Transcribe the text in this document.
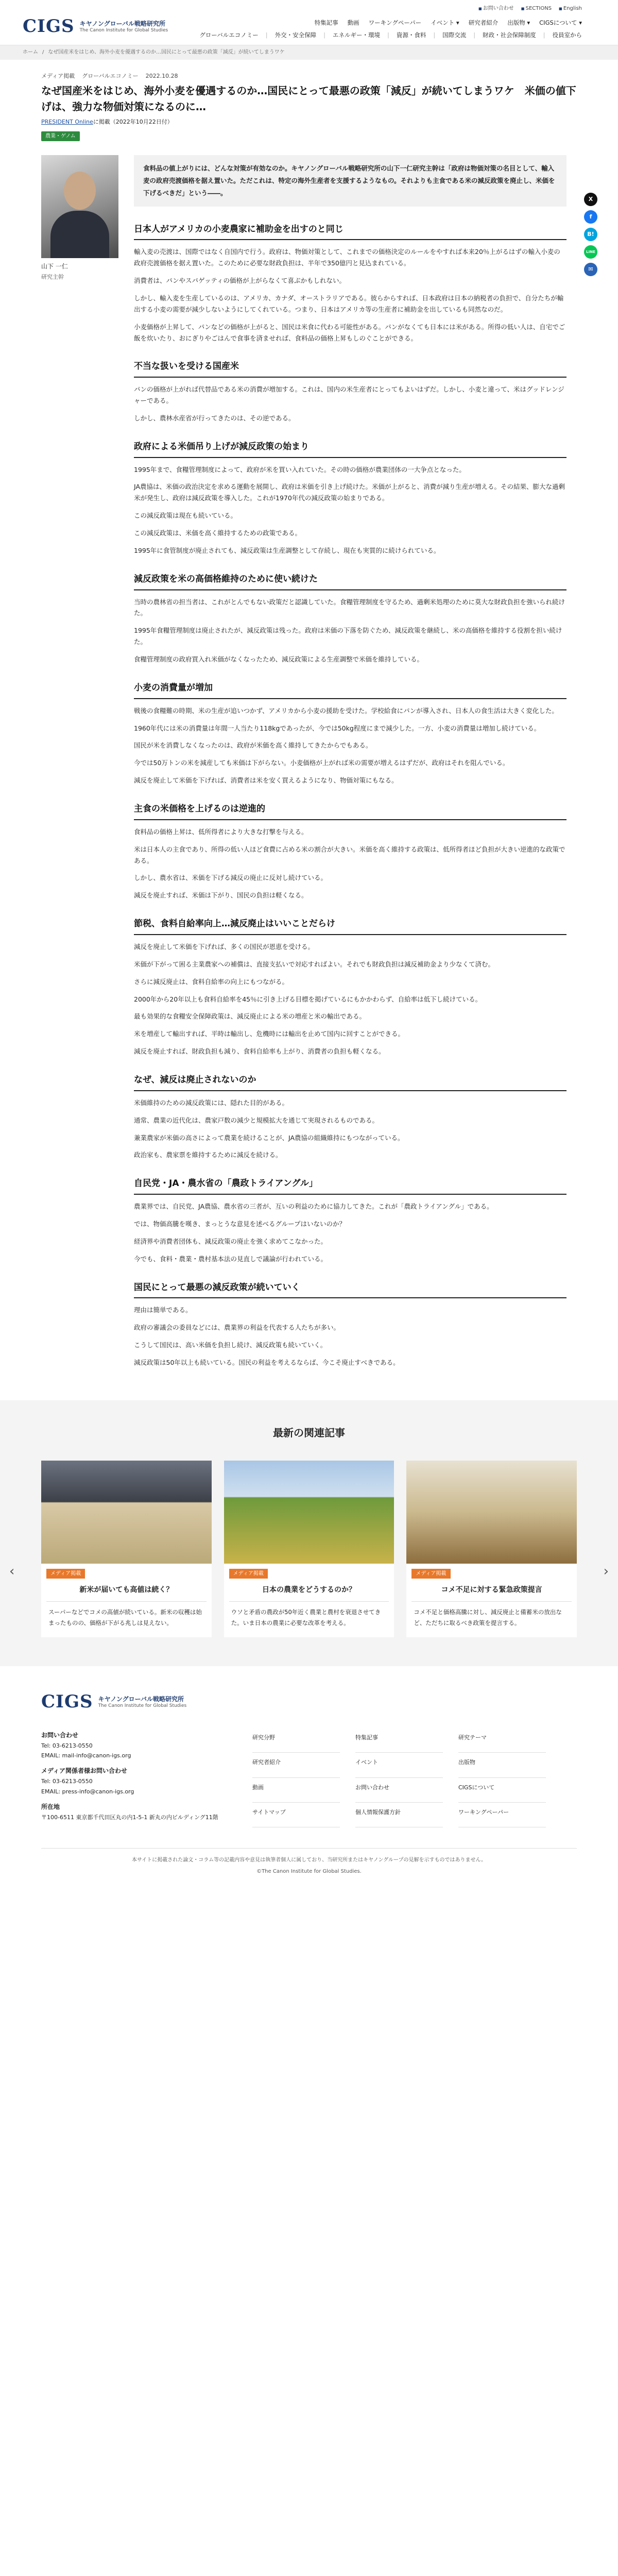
CIGS キヤノングローバル戦略研究所
The Canon Institute for Global Studies
■ お問い合わせ	■ SECTIONS	■ English
特集記事 動画 ワーキングペーパー イベント ▾ 研究者紹介 出版物 ▾ CIGSについて ▾
グローバルエコノミー | 外交・安全保障 | エネルギー・環境 | 資源・食料 | 国際交流 | 財政・社会保障制度 | 役員室から
ホーム / なぜ国産米をはじめ、海外小麦を優遇するのか…国民にとって最悪の政策「減反」が続いてしまうワケ
メディア掲載 グローバルエコノミー 2022.10.28
なぜ国産米をはじめ、海外小麦を優遇するのか…国民にとって最悪の政策「減反」が続いてしまうワケ　米価の値下げは、強力な物価対策になるのに…
PRESIDENT Onlineに掲載（2022年10月22日付）
農業・ゲノム
X
f
B!
LINE
✉
山下 一仁
研究主幹
食料品の値上がりには、どんな対策が有効なのか。キヤノングローバル戦略研究所の山下一仁研究主幹は「政府は物価対策の名目として、輸入麦の政府売渡価格を据え置いた。ただこれは、特定の海外生産者を支援するようなもの。それよりも主食である米の減反政策を廃止し、米価を下げるべきだ」という――。
日本人がアメリカの小麦農家に補助金を出すのと同じ

輸入麦の売渡は、国際ではなく自国内で行う。政府は、物価対策として、これまでの価格決定のルールをやすれば本来20％上がるはずの輸入小麦の政府売渡価格を据え置いた。このために必要な財政負担は、半年で350億円と見込まれている。

消費者は、パンやスパゲッティの価格が上がらなくて喜ぶかもしれない。

しかし、輸入麦を生産しているのは、アメリカ、カナダ、オーストラリアである。彼らからすれば、日本政府は日本の納税者の負担で、自分たちが輸出する小麦の需要が減少しないようにしてくれている。つまり、日本はアメリカ等の生産者に補助金を出しているも同然なのだ。

小麦価格が上昇して、パンなどの価格が上がると、国民は米食に代わる可能性がある。パンがなくても日本には米がある。所得の低い人は、自宅でご飯を炊いたり、おにぎりやごはんで食事を済ませれば、食料品の価格上昇もしのぐことができる。

不当な扱いを受ける国産米

パンの価格が上がれば代替品である米の消費が増加する。これは、国内の米生産者にとってもよいはずだ。しかし、小麦と違って、米はグッドレンジャーである。

しかし、農林水産省が行ってきたのは、その逆である。

政府による米価吊り上げが減反政策の始まり

1995年まで、食糧管理制度によって、政府が米を買い入れていた。その時の価格が農業団体の一大争点となった。

JA農協は、米価の政治決定を求める運動を展開し、政府は米価を引き上げ続けた。米価が上がると、消費が減り生産が増える。その結果、膨大な過剰米が発生し、政府は減反政策を導入した。これが1970年代の減反政策の始まりである。

この減反政策は現在も続いている。

この減反政策は、米価を高く維持するための政策である。

1995年に食管制度が廃止されても、減反政策は生産調整として存続し、現在も実質的に続けられている。

減反政策を米の高価格維持のために使い続けた

当時の農林省の担当者は、これがとんでもない政策だと認識していた。食糧管理制度を守るため、過剰米処理のために莫大な財政負担を強いられ続けた。

1995年食糧管理制度は廃止されたが、減反政策は残った。政府は米価の下落を防ぐため、減反政策を継続し、米の高価格を維持する役割を担い続けた。

食糧管理制度の政府買入れ米価がなくなったため、減反政策による生産調整で米価を維持している。

小麦の消費量が増加

戦後の食糧難の時期、米の生産が追いつかず、アメリカから小麦の援助を受けた。学校給食にパンが導入され、日本人の食生活は大きく変化した。

1960年代には米の消費量は年間一人当たり118kgであったが、今では50kg程度にまで減少した。一方、小麦の消費量は増加し続けている。

国民が米を消費しなくなったのは、政府が米価を高く維持してきたからでもある。

今では50万トンの米を減産しても米価は下がらない。小麦価格が上がれば米の需要が増えるはずだが、政府はそれを阻んでいる。

減反を廃止して米価を下げれば、消費者は米を安く買えるようになり、物価対策にもなる。

主食の米価格を上げるのは逆進的

食料品の価格上昇は、低所得者により大きな打撃を与える。

米は日本人の主食であり、所得の低い人ほど食費に占める米の割合が大きい。米価を高く維持する政策は、低所得者ほど負担が大きい逆進的な政策である。

しかし、農水省は、米価を下げる減反の廃止に反対し続けている。

減反を廃止すれば、米価は下がり、国民の負担は軽くなる。

節税、食料自給率向上…減反廃止はいいことだらけ

減反を廃止して米価を下げれば、多くの国民が恩恵を受ける。

米価が下がって困る主業農家への補償は、直接支払いで対応すればよい。それでも財政負担は減反補助金より少なくて済む。

さらに減反廃止は、食料自給率の向上にもつながる。

2000年から20年以上も食料自給率を45％に引き上げる目標を掲げているにもかかわらず、自給率は低下し続けている。

最も効果的な食糧安全保障政策は、減反廃止による米の増産と米の輸出である。

米を増産して輸出すれば、平時は輸出し、危機時には輸出を止めて国内に回すことができる。

減反を廃止すれば、財政負担も減り、食料自給率も上がり、消費者の負担も軽くなる。

なぜ、減反は廃止されないのか

米価維持のための減反政策には、隠れた目的がある。

通常、農業の近代化は、農家戸数の減少と規模拡大を通じて実現されるものである。

兼業農家が米価の高さによって農業を続けることが、JA農協の組織維持にもつながっている。

政治家も、農家票を維持するために減反を続ける。

自民党・JA・農水省の「農政トライアングル」

農業界では、自民党、JA農協、農水省の三者が、互いの利益のために協力してきた。これが「農政トライアングル」である。

では、物価高騰を嘆き、まっとうな意見を述べるグループはいないのか？

経済界や消費者団体も、減反政策の廃止を強く求めてこなかった。

今でも、食料・農業・農村基本法の見直しで議論が行われている。

国民にとって最悪の減反政策が続いていく

理由は簡単である。

政府の審議会の委員などには、農業界の利益を代表する人たちが多い。

こうして国民は、高い米価を負担し続け、減反政策も続いていく。

減反政策は50年以上も続いている。国民の利益を考えるならば、今こそ廃止すべきである。

最新の関連記事
‹	›
メディア掲載
新米が届いても高値は続く？
スーパーなどでコメの高値が続いている。新米の収穫は始まったものの、価格が下がる兆しは見えない。
メディア掲載
日本の農業をどうするのか？
ウソと矛盾の農政が50年近く農業と農村を衰退させてきた。いま日本の農業に必要な改革を考える。
メディア掲載
コメ不足に対する緊急政策提言
コメ不足と価格高騰に対し、減反廃止と備蓄米の放出など、ただちに取るべき政策を提言する。
CIGS キヤノングローバル戦略研究所
The Canon Institute for Global Studies
お問い合わせ
Tel: 03-6213-0550
EMAIL: mail-info@canon-igs.org
メディア関係者様お問い合わせ
Tel: 03-6213-0550
EMAIL: press-info@canon-igs.org
所在地
〒100-6511 東京都千代田区丸の内1-5-1 新丸の内ビルディング11階
研究分野	特集記事	研究テーマ
研究者紹介	イベント	出版物
動画	お問い合わせ	CIGSについて
サイトマップ	個人情報保護方針	ワーキングペーパー
本サイトに掲載された論文・コラム等の記載内容や意見は執筆者個人に属しており、当研究所またはキヤノングループの見解を示すものではありません。
©The Canon Institute for Global Studies.
